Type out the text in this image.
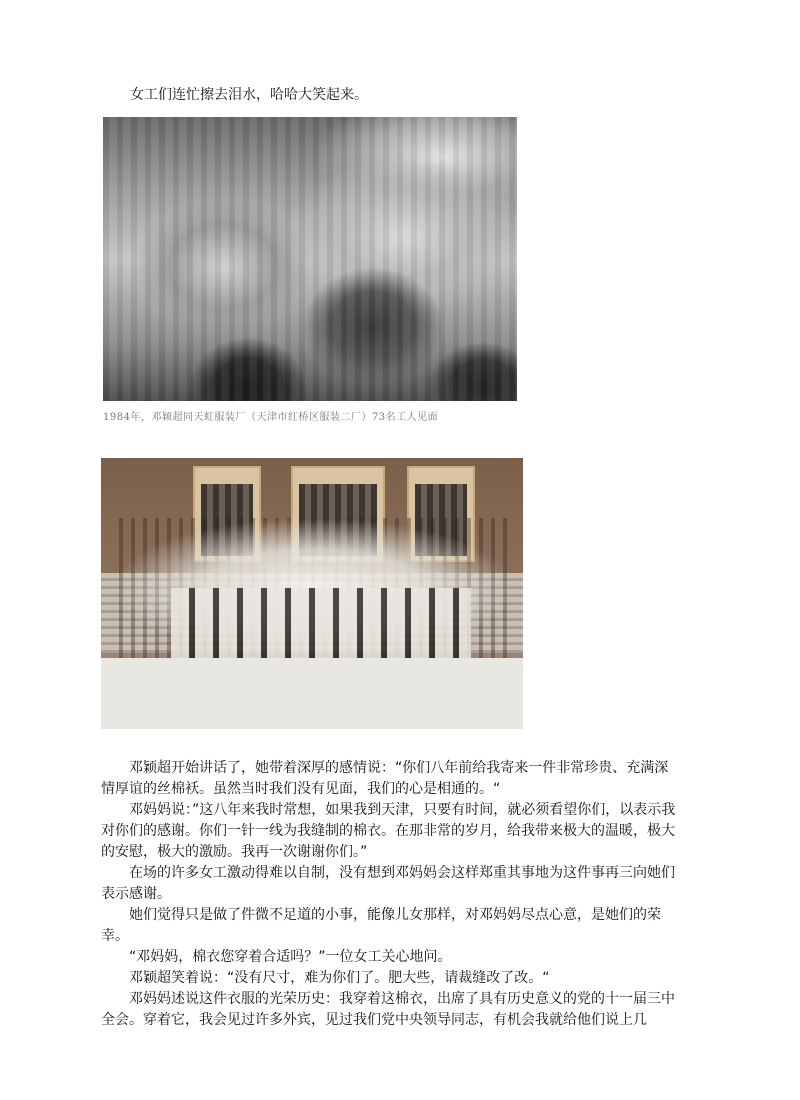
女工们连忙擦去泪水，哈哈大笑起来。
1984年，邓颖超同天虹服装厂（天津市红桥区服装二厂）73名工人见面
邓颖超开始讲话了，她带着深厚的感情说：“你们八年前给我寄来一件非常珍贵、充满深情厚谊的丝棉袄。虽然当时我们没有见面，我们的心是相通的。“
邓妈妈说：”这八年来我时常想，如果我到天津，只要有时间，就必须看望你们，以表示我对你们的感谢。你们一针一线为我缝制的棉衣。在那非常的岁月，给我带来极大的温暖，极大的安慰，极大的激励。我再一次谢谢你们。”
在场的许多女工激动得难以自制，没有想到邓妈妈会这样郑重其事地为这件事再三向她们表示感谢。
她们觉得只是做了件微不足道的小事，能像儿女那样，对邓妈妈尽点心意，是她们的荣幸。
“邓妈妈，棉衣您穿着合适吗？”一位女工关心地问。
邓颖超笑着说：“没有尺寸，难为你们了。肥大些，请裁缝改了改。“
邓妈妈述说这件衣服的光荣历史：我穿着这棉衣，出席了具有历史意义的党的十一届三中全会。穿着它，我会见过许多外宾，见过我们党中央领导同志，有机会我就给他们说上几
